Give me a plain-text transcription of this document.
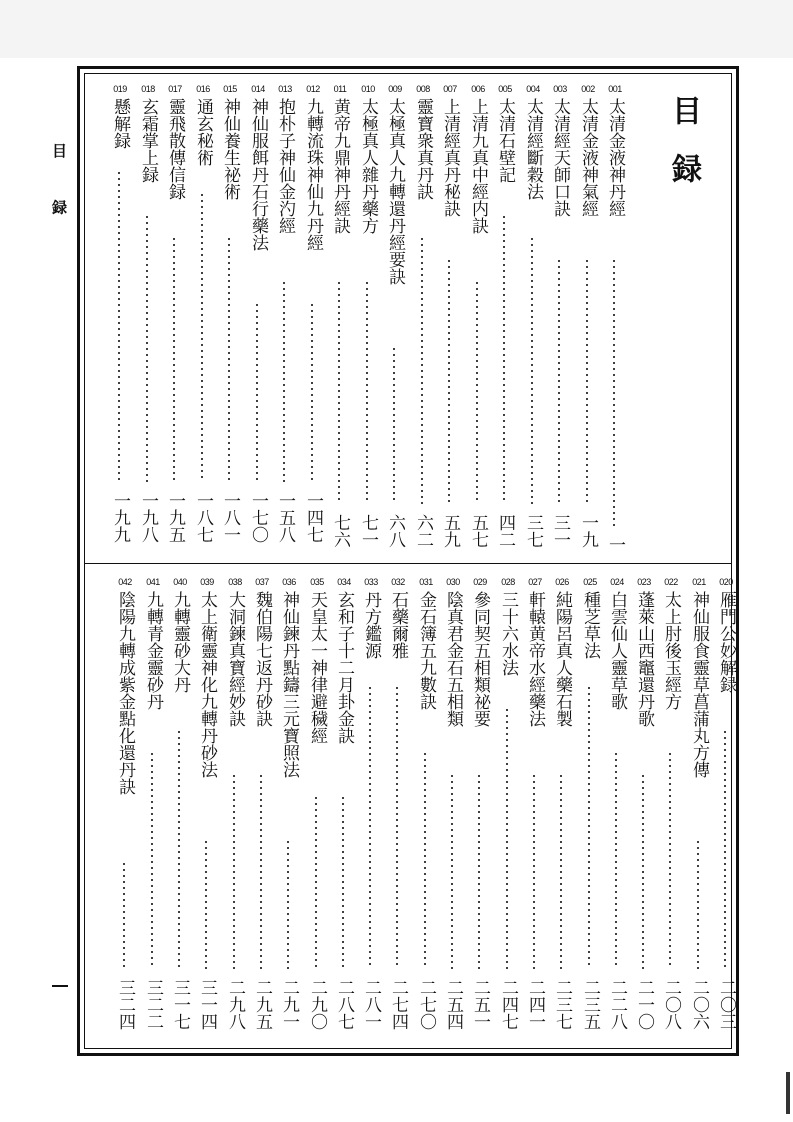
目 録	目録
001
太清金液神丹經
一
002
太清金液神氣經
一九
003
太清經天師口訣
三一
004
太清經斷穀法
三七
005
太清石壁記
四二
006
上清九真中經内訣
五七
007
上清經真丹秘訣
五九
008
靈寶衆真丹訣
六二
009
太極真人九轉還丹經要訣
六八
010
太極真人雜丹藥方
七一
011
黄帝九鼎神丹經訣
七六
012
九轉流珠神仙九丹經
一四七
013
抱朴子神仙金汋經
一五八
014
神仙服餌丹石行藥法
一七〇
015
神仙養生祕術
一八一
016
通玄秘術
一八七
017
靈飛散傳信録
一九五
018
玄霜掌上録
一九八
019
懸解録
一九九
020
雁門公妙解録
二〇三
021
神仙服食靈草菖蒲丸方傳
二〇六
022
太上肘後玉經方
二〇八
023
蓬萊山西竈還丹歌
二一〇
024
白雲仙人靈草歌
二二八
025
種芝草法
二三五
026
純陽呂真人藥石製
二三七
027
軒轅黄帝水經藥法
二四一
028
三十六水法
二四七
029
參同契五相類祕要
二五一
030
陰真君金石五相類
二五四
031
金石簿五九數訣
二七〇
032
石藥爾雅
二七四
033
丹方鑑源
二八一
034
玄和子十二月卦金訣
二八七
035
天皇太一神律避穢經
二九〇
036
神仙鍊丹點鑄三元寶照法
二九一
037
魏伯陽七返丹砂訣
二九五
038
大洞鍊真寶經妙訣
二九八
039
太上衛靈神化九轉丹砂法
三一四
040
九轉靈砂大丹
三一七
041
九轉青金靈砂丹
三二二
042
陰陽九轉成紫金點化還丹訣
三二四
